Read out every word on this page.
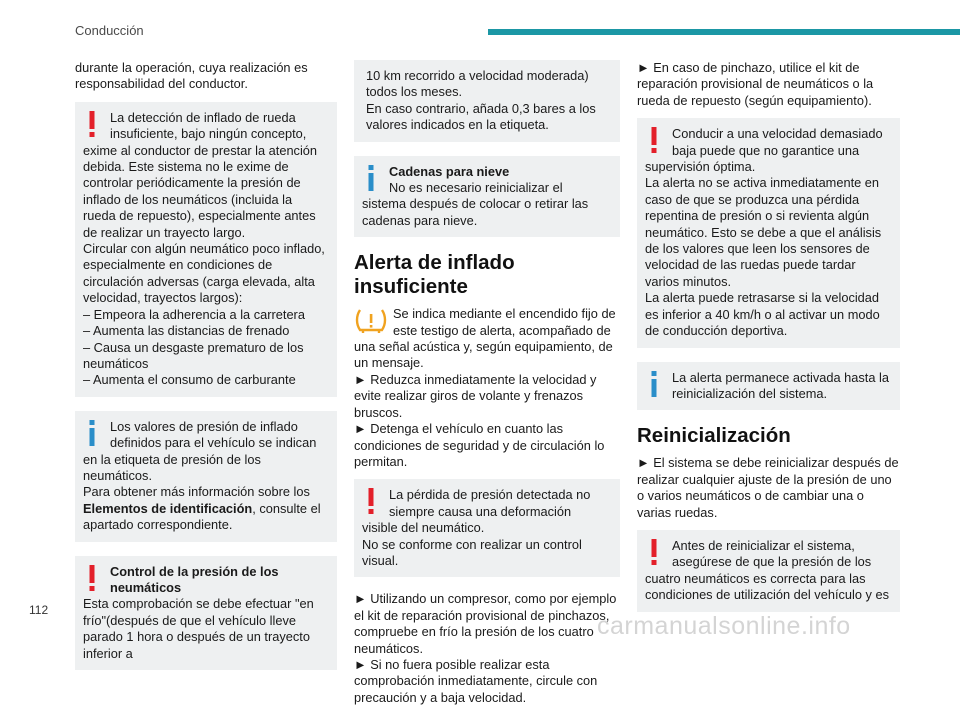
Conducción

durante la operación, cuya realización es responsabilidad del conductor.

La detección de inflado de rueda insuficiente, bajo ningún concepto, exime al conductor de prestar la atención debida. Este sistema no le exime de controlar periódicamente la presión de inflado de los neumáticos (incluida la rueda de repuesto), especialmente antes de realizar un trayecto largo.
Circular con algún neumático poco inflado, especialmente en condiciones de circulación adversas (carga elevada, alta velocidad, trayectos largos):
– Empeora la adherencia a la carretera
– Aumenta las distancias de frenado
– Causa un desgaste prematuro de los neumáticos
– Aumenta el consumo de carburante
Los valores de presión de inflado definidos para el vehículo se indican en la etiqueta de presión de los neumáticos.
Para obtener más información sobre los Elementos de identificación, consulte el apartado correspondiente.
Control de la presión de los neumáticos
Esta comprobación se debe efectuar "en frío"(después de que el vehículo lleve parado 1 hora o después de un trayecto inferior a
10 km recorrido a velocidad moderada) todos los meses.
En caso contrario, añada 0,3 bares a los valores indicados en la etiqueta.
Cadenas para nieve
No es necesario reinicializar el sistema después de colocar o retirar las cadenas para nieve.
Alerta de inflado insuficiente
Se indica mediante el encendido fijo de este testigo de alerta, acompañado de una señal acústica y, según equipamiento, de un mensaje.
► Reduzca inmediatamente la velocidad y evite realizar giros de volante y frenazos bruscos.
► Detenga el vehículo en cuanto las condiciones de seguridad y de circulación lo permitan.
La pérdida de presión detectada no siempre causa una deformación visible del neumático.
No se conforme con realizar un control visual.

► Utilizando un compresor, como por ejemplo el kit de reparación provisional de pinchazos, compruebe en frío la presión de los cuatro neumáticos.
► Si no fuera posible realizar esta comprobación inmediatamente, circule con precaución y a baja velocidad.

► En caso de pinchazo, utilice el kit de reparación provisional de neumáticos o la rueda de repuesto (según equipamiento).

Conducir a una velocidad demasiado baja puede que no garantice una supervisión óptima.
La alerta no se activa inmediatamente en caso de que se produzca una pérdida repentina de presión o si revienta algún neumático. Esto se debe a que el análisis de los valores que leen los sensores de velocidad de las ruedas puede tardar varios minutos.
La alerta puede retrasarse si la velocidad es inferior a 40 km/h o al activar un modo de conducción deportiva.
La alerta permanece activada hasta la reinicialización del sistema.
Reinicialización

► El sistema se debe reinicializar después de realizar cualquier ajuste de la presión de uno o varios neumáticos o de cambiar una o varias ruedas.

Antes de reinicializar el sistema, asegúrese de que la presión de los cuatro neumáticos es correcta para las condiciones de utilización del vehículo y es
112
carmanualsonline.info
